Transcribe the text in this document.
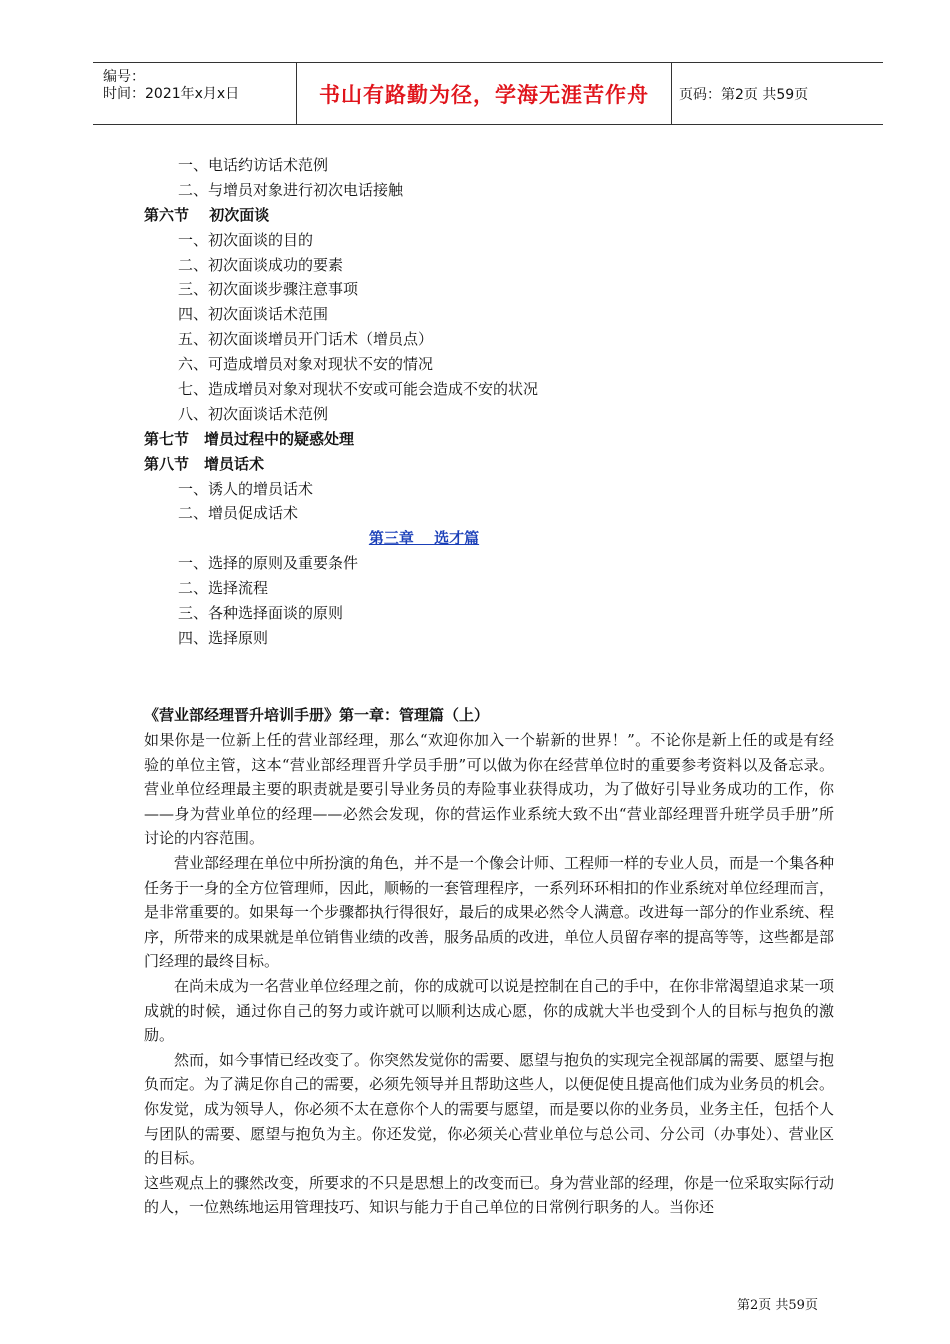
编号：
时间：2021年x月x日	书山有路勤为径，学海无涯苦作舟	页码：第2页 共59页
一、电话约访话术范例
二、与增员对象进行初次电话接触
第六节　 初次面谈
一、初次面谈的目的
二、初次面谈成功的要素
三、初次面谈步骤注意事项
四、初次面谈话术范围
五、初次面谈增员开门话术（增员点）
六、可造成增员对象对现状不安的情况
七、造成增员对象对现状不安或可能会造成不安的状况
八、初次面谈话术范例
第七节　增员过程中的疑惑处理
第八节　增员话术
一、诱人的增员话术
二、增员促成话术
第三章　 选才篇
一、选择的原则及重要条件
二、选择流程
三、各种选择面谈的原则
四、选择原则
《营业部经理晋升培训手册》第一章：管理篇（上）

如果你是一位新上任的营业部经理，那么“欢迎你加入一个崭新的世界！”。不论你是新上任的或是有经验的单位主管，这本“营业部经理晋升学员手册”可以做为你在经营单位时的重要参考资料以及备忘录。营业单位经理最主要的职责就是要引导业务员的寿险事业获得成功，为了做好引导业务成功的工作，你——身为营业单位的经理——必然会发现，你的营运作业系统大致不出“营业部经理晋升班学员手册”所讨论的内容范围。

营业部经理在单位中所扮演的角色，并不是一个像会计师、工程师一样的专业人员，而是一个集各种任务于一身的全方位管理师，因此，顺畅的一套管理程序，一系列环环相扣的作业系统对单位经理而言，是非常重要的。如果每一个步骤都执行得很好，最后的成果必然令人满意。改进每一部分的作业系统、程序，所带来的成果就是单位销售业绩的改善，服务品质的改进，单位人员留存率的提高等等，这些都是部门经理的最终目标。

在尚未成为一名营业单位经理之前，你的成就可以说是控制在自己的手中，在你非常渴望追求某一项成就的时候，通过你自己的努力或许就可以顺利达成心愿，你的成就大半也受到个人的目标与抱负的激励。

然而，如今事情已经改变了。你突然发觉你的需要、愿望与抱负的实现完全视部属的需要、愿望与抱负而定。为了满足你自己的需要，必须先领导并且帮助这些人，以便促使且提高他们成为业务员的机会。你发觉，成为领导人，你必须不太在意你个人的需要与愿望，而是要以你的业务员，业务主任，包括个人与团队的需要、愿望与抱负为主。你还发觉，你必须关心营业单位与总公司、分公司（办事处）、营业区的目标。

这些观点上的骤然改变，所要求的不只是思想上的改变而已。身为营业部的经理，你是一位采取实际行动的人，一位熟练地运用管理技巧、知识与能力于自己单位的日常例行职务的人。当你还

第2页 共59页
